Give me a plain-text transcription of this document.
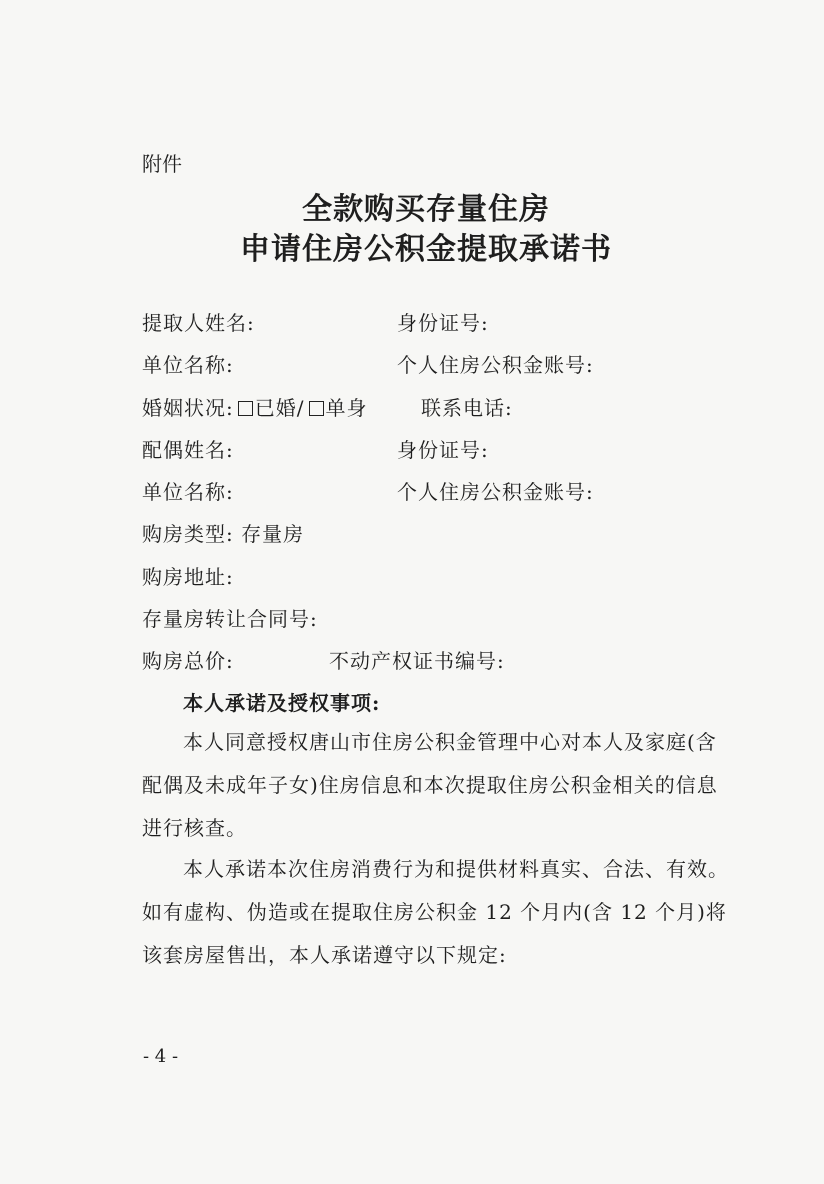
附件
全款购买存量住房
申请住房公积金提取承诺书
提取人姓名:	身份证号:
单位名称:	个人住房公积金账号:
婚姻状况: 已婚/ 单身	联系电话:
配偶姓名:	身份证号:
单位名称:	个人住房公积金账号:
购房类型: 存量房
购房地址:
存量房转让合同号:
购房总价:	不动产权证书编号:
本人承诺及授权事项:
本人同意授权唐山市住房公积金管理中心对本人及家庭(含
配偶及未成年子女)住房信息和本次提取住房公积金相关的信息
进行核查。
本人承诺本次住房消费行为和提供材料真实、合法、有效。
如有虚构、伪造或在提取住房公积金 12 个月内(含 12 个月)将
该套房屋售出，本人承诺遵守以下规定:
- 4 -
